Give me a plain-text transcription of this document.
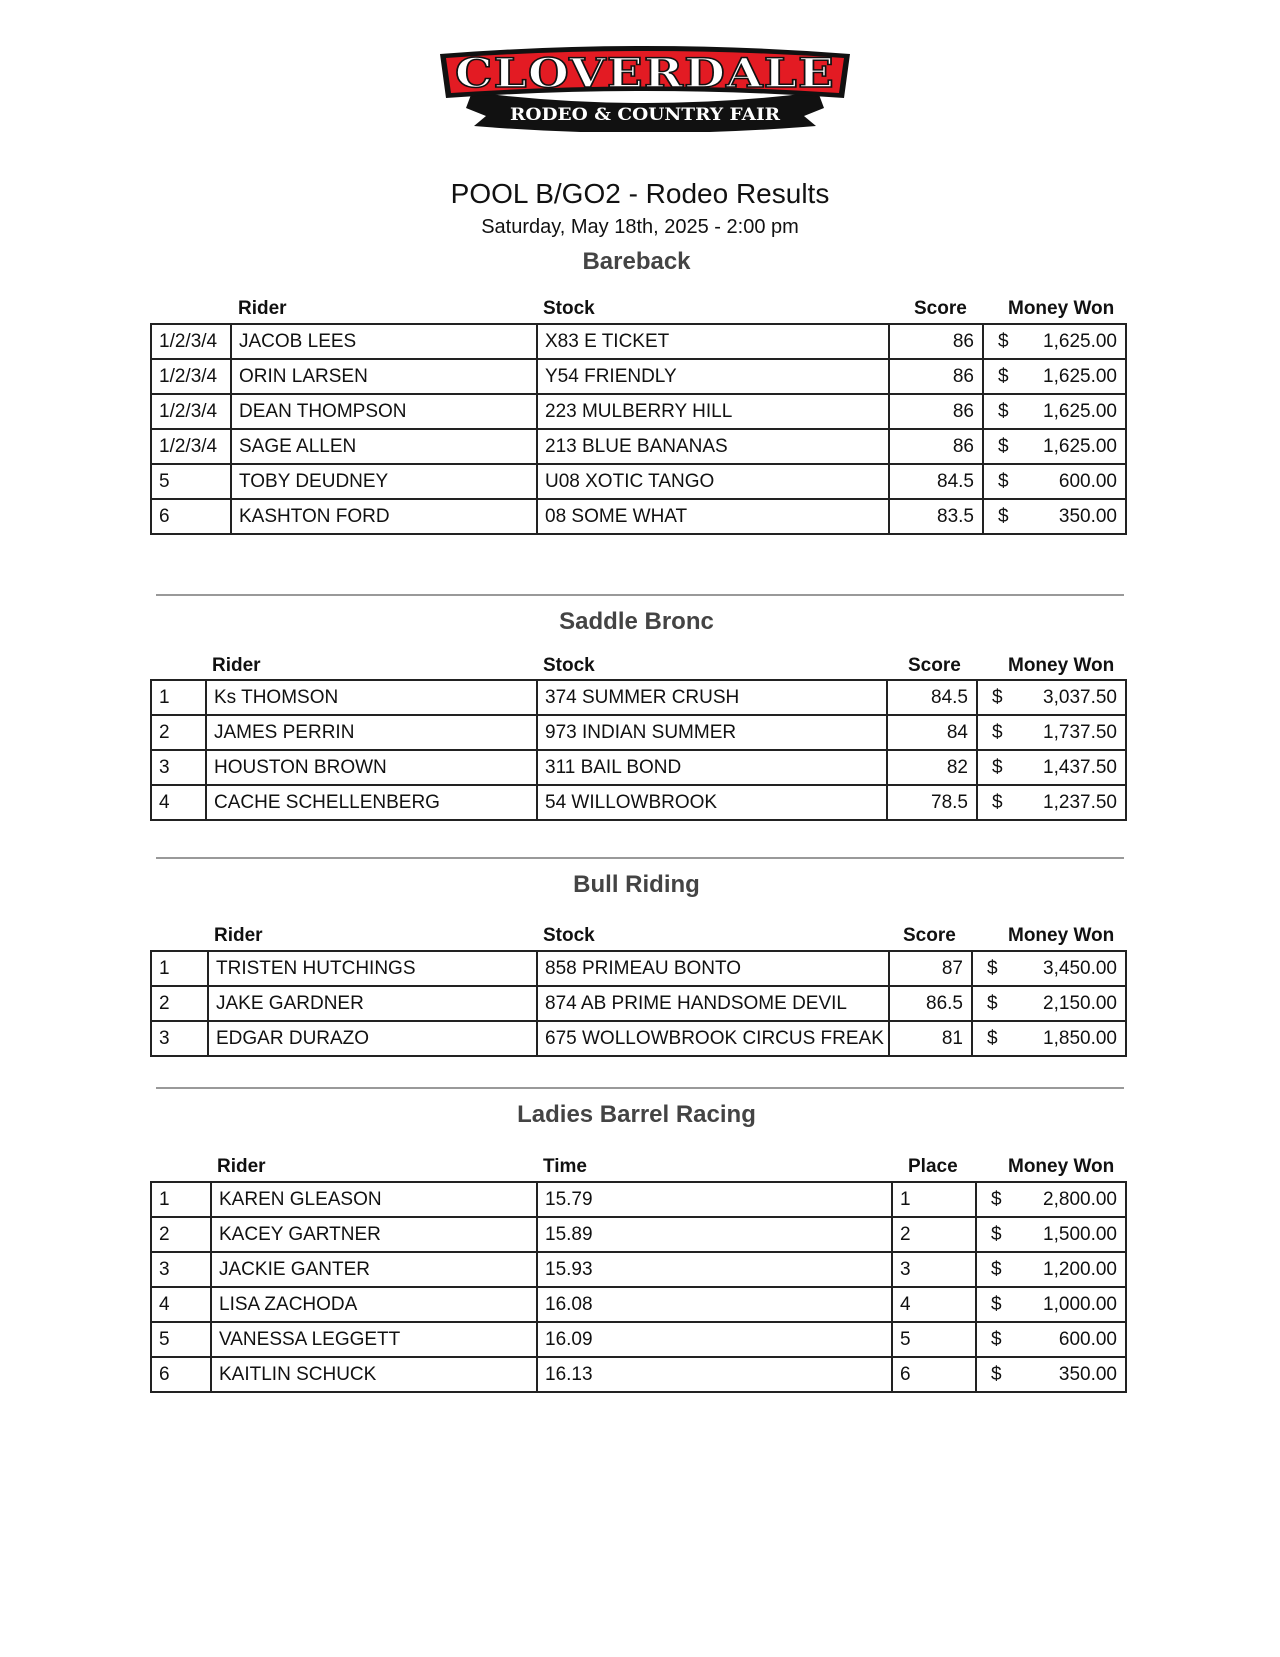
CLOVERDALE
RODEO & COUNTRY FAIR
POOL B/GO2 - Rodeo Results
Saturday, May 18th, 2025 - 2:00 pm
Bareback
Rider	Stock	Score Money Won
1/2/3/4	JACOB LEES	X83 E TICKET	86	$ 1,625.00

1/2/3/4	ORIN LARSEN	Y54 FRIENDLY	86	$ 1,625.00

1/2/3/4	DEAN THOMPSON	223 MULBERRY HILL	86	$ 1,625.00

1/2/3/4	SAGE ALLEN	213 BLUE BANANAS	86	$ 1,625.00

5	TOBY DEUDNEY	U08 XOTIC TANGO	84.5	$ 600.00

6	KASHTON FORD	08 SOME WHAT	83.5	$ 350.00
Saddle Bronc
Rider	Stock	Score Money Won
1	Ks THOMSON	374 SUMMER CRUSH	84.5	$ 3,037.50

2	JAMES PERRIN	973 INDIAN SUMMER	84	$ 1,737.50

3	HOUSTON BROWN	311 BAIL BOND	82	$ 1,437.50

4	CACHE SCHELLENBERG	54 WILLOWBROOK	78.5	$ 1,237.50
Bull Riding
Rider	Stock	Score	Money Won
1	TRISTEN HUTCHINGS	858 PRIMEAU BONTO	87	$ 3,450.00

2	JAKE GARDNER	874 AB PRIME HANDSOME DEVIL	86.5	$ 2,150.00

3	EDGAR DURAZO	675 WOLLOWBROOK CIRCUS FREAK	81	$ 1,850.00
Ladies Barrel Racing
Rider	Time	Place	Money Won
1	KAREN GLEASON	15.79	1	$ 2,800.00

2	KACEY GARTNER	15.89	2	$ 1,500.00

3	JACKIE GANTER	15.93	3	$ 1,200.00

4	LISA ZACHODA	16.08	4	$ 1,000.00

5	VANESSA LEGGETT	16.09	5	$ 600.00

6	KAITLIN SCHUCK	16.13	6	$ 350.00
